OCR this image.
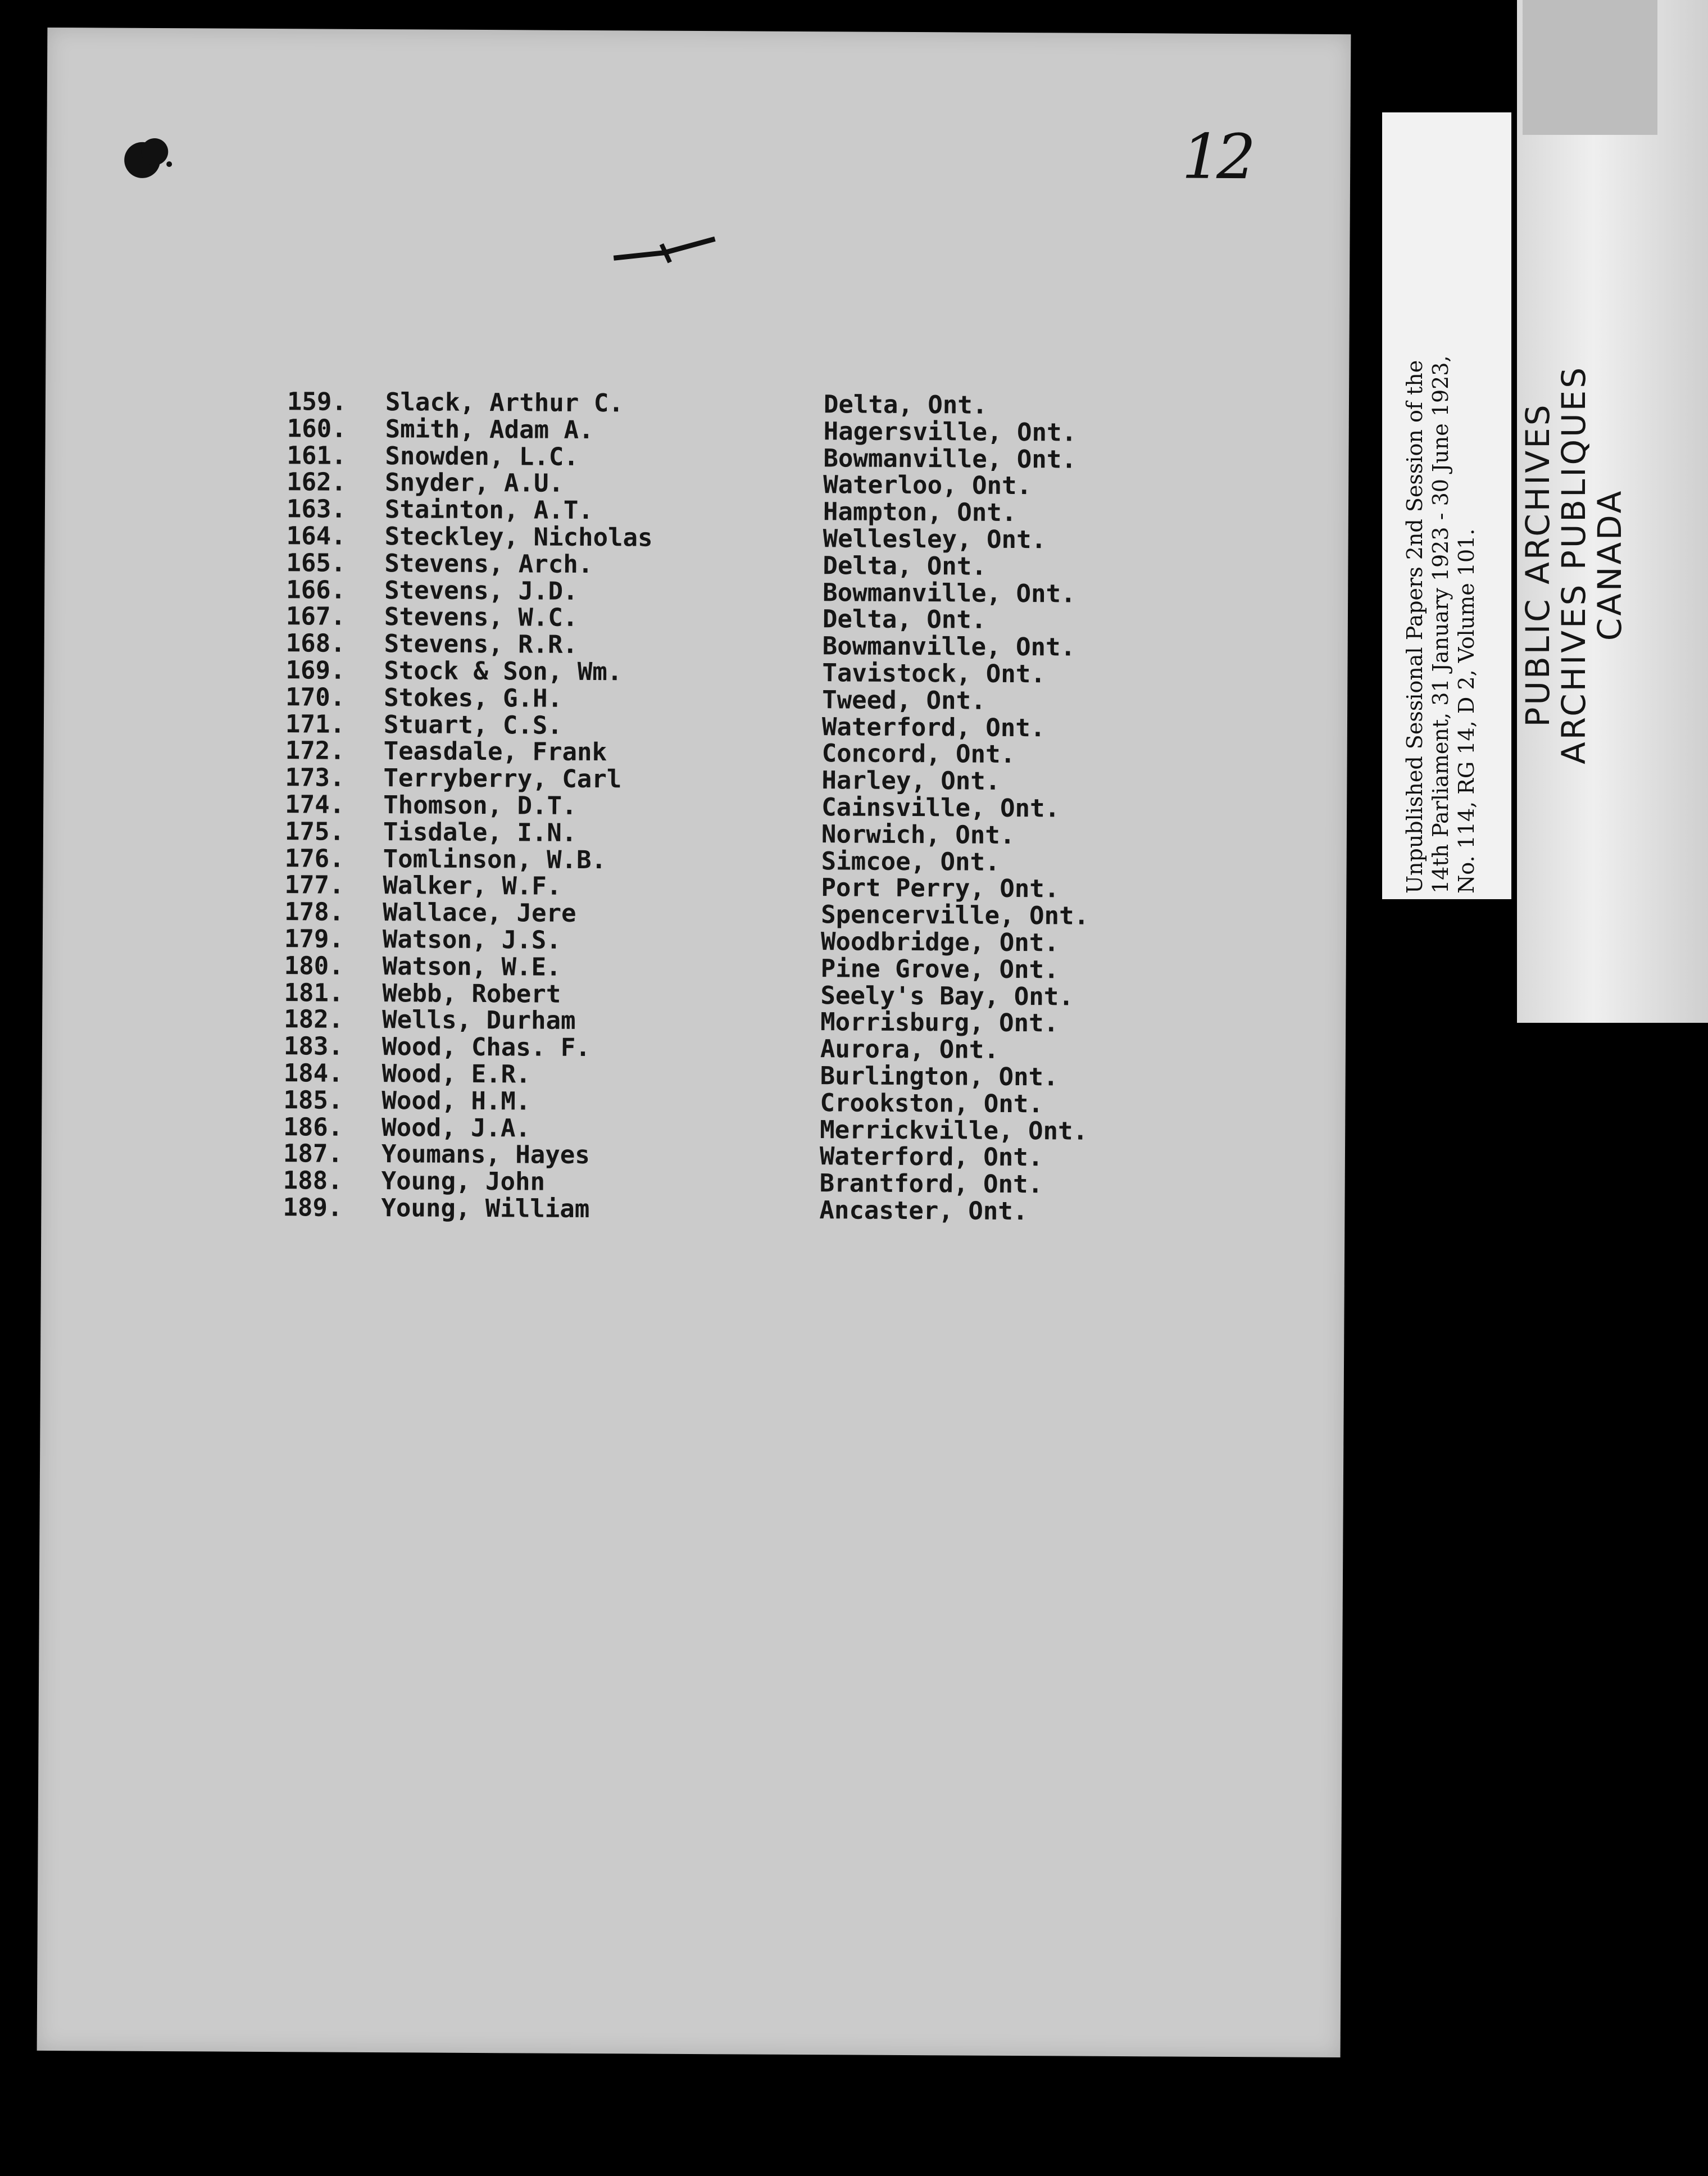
12
159.	Slack, Arthur C.	Delta, Ont.
160.	Smith, Adam A.	Hagersville, Ont.
161.	Snowden, L.C.	Bowmanville, Ont.
162.	Snyder, A.U.	Waterloo, Ont.
163.	Stainton, A.T.	Hampton, Ont.
164.	Steckley, Nicholas	Wellesley, Ont.
165.	Stevens, Arch.	Delta, Ont.
166.	Stevens, J.D.	Bowmanville, Ont.
167.	Stevens, W.C.	Delta, Ont.
168.	Stevens, R.R.	Bowmanville, Ont.
169.	Stock & Son, Wm.	Tavistock, Ont.
170.	Stokes, G.H.	Tweed, Ont.
171.	Stuart, C.S.	Waterford, Ont.
172.	Teasdale, Frank	Concord, Ont.
173.	Terryberry, Carl	Harley, Ont.
174.	Thomson, D.T.	Cainsville, Ont.
175.	Tisdale, I.N.	Norwich, Ont.
176.	Tomlinson, W.B.	Simcoe, Ont.
177.	Walker, W.F.	Port Perry, Ont.
178.	Wallace, Jere	Spencerville, Ont.
179.	Watson, J.S.	Woodbridge, Ont.
180.	Watson, W.E.	Pine Grove, Ont.
181.	Webb, Robert	Seely's Bay, Ont.
182.	Wells, Durham	Morrisburg, Ont.
183.	Wood, Chas. F.	Aurora, Ont.
184.	Wood, E.R.	Burlington, Ont.
185.	Wood, H.M.	Crookston, Ont.
186.	Wood, J.A.	Merrickville, Ont.
187.	Youmans, Hayes	Waterford, Ont.
188.	Young, John	Brantford, Ont.
189.	Young, William	Ancaster, Ont.
Unpublished Sessional Papers 2nd Session of the 14th Parliament, 31 January 1923 - 30 June 1923, No. 114, RG 14, D 2, Volume 101. PUBLIC ARCHIVES
ARCHIVES PUBLIQUES
CANADA
